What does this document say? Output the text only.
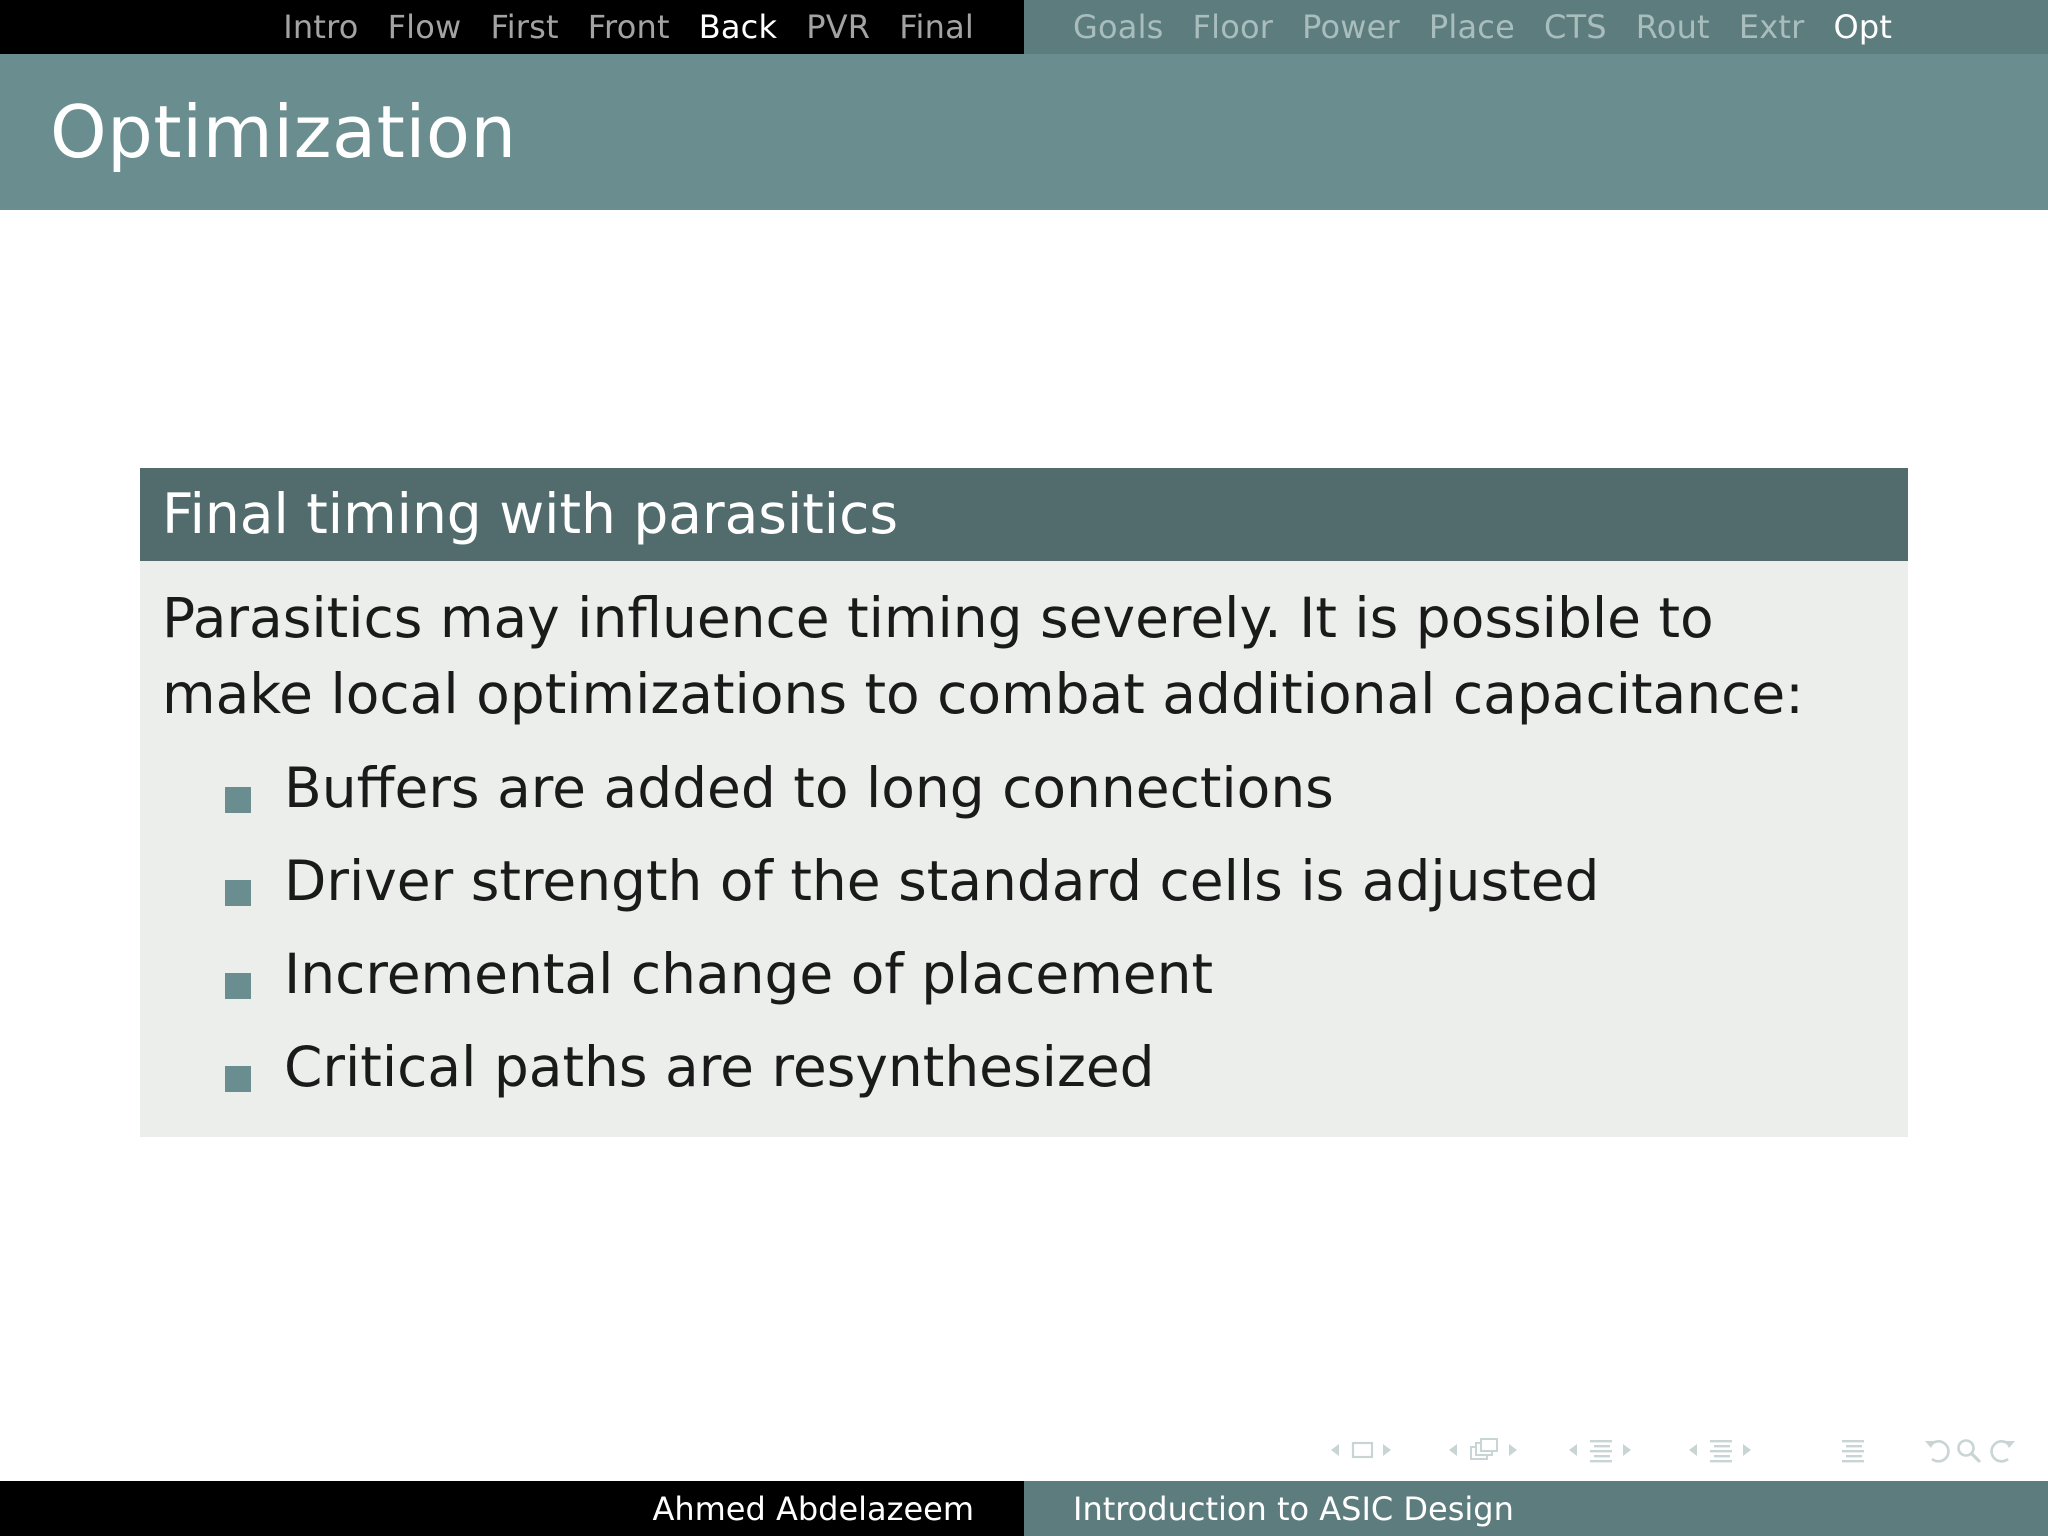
Intro Flow First Front Back PVR Final	Goals Floor Power Place CTS Rout Extr Opt
Optimization
Final timing with parasitics
Parasitics may influence timing severely. It is possible to make local optimizations to combat additional capacitance:
Buffers are added to long connections
Driver strength of the standard cells is adjusted
Incremental change of placement
Critical paths are resynthesized
Ahmed Abdelazeem	Introduction to ASIC Design
